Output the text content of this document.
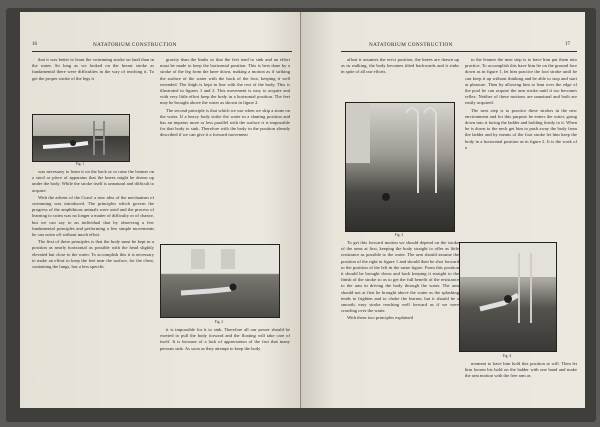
16	NATATORIUM CONSTRUCTION

that it was better to learn the swimming stroke on land than in the water. So long as we looked on the breast stroke as fundamental there were difficulties in the way of teaching it. To get the proper stroke of the legs it

Fig. 1

was necessary to learn it on the back or to raise the learner on a stool or piece of apparatus that the knees might be drawn up under the body. While the stroke itself is unnatural and difficult to acquire.

With the advent of the Crawl a new idea of the mechanism of swimming was introduced. The principles which govern the progress of the amphibious animals were used and the process of learning to swim was no longer a matter of difficulty or of chance, but we can say to an individual that by observing a few fundamental principles and performing a few simple movements he can swim off without much effort.

The first of these principles is that the body must be kept in a position as nearly horizontal as possible with the head slightly elevated but close to the water. To accomplish this it is necessary to make an effort to keep the feet near the surface, for the chest, containing the lungs, has a less specific

gravity than the limbs so that the feet tend to sink and an effort must be made to keep the horizontal position. This is best done by a stroke of the leg from the knee down, making a motion as if striking the surface of the water with the back of the foot, keeping it well extended. The thigh is kept in line with the rest of the body. This is illustrated in figures 1 and 2. This movement is easy to acquire and with very little effort keep the body in a horizontal position. The feet may be brought above the water as shown in figure 2.

The second principle is that which we use when we skip a stone on the water. If a heavy body strike the water in a slanting position and has an impetus more or less parallel with the surface it is impossible for that body to sink. Therefore with the body in the position already described if we can give it a forward movement

Fig. 2

it is impossible for it to sink. Therefore all our power should be exerted to pull the body forward and the floating will take care of itself. It is because of a lack of appreciation of the fact that many persons sink. As soon as they attempt to keep the body

NATATORIUM CONSTRUCTION	17

afloat it assumes the erect position, the knees are drawn up as in walking, the body becomes tilted backwards and it sinks in spite of all our efforts.

Fig. 3

To get this forward motion we should depend on the stroke of the arms at first, keeping the body straight to offer as little resistance as possible to the water. The arm should assume the position of the right in figure 1 and should then be shot forward to the position of the left in the same figure. From this position it should be brought down and back keeping it straight to the finish of the stroke so as to get the full benefit of the resistance to the arm in driving the body through the water. The arm should not at first be brought above the water as the splashing tends to frighten and to choke the learner, but it should be a smooth, easy stroke reaching well forward as if we were crawling over the water.

With these two principles explained

to the learner the next step is to have him put them into practice. To accomplish this have him lie on the ground face down as in figure 1, let him practice the foot stroke until he can keep it up without thinking and be able to stop and start at pleasure. Then by allowing him to lean over the edge of the pool he can acquire the arm stroke until it too becomes reflex. Neither of these motions are unnatural and both are easily acquired.

The next step is to practice these strokes in the new environment and for this purpose he enters the water, going down into it facing the ladder and holding firmly to it. When he is down to the neck get him to push away the body from the ladder and by means of the foot stroke let him keep the body in a horizontal position as in figure 2. It is the work of a

Fig. 4

moment to have him hold this position at will. Then let him loosen his hold on the ladder with one hand and make the arm motion with the free arm as
